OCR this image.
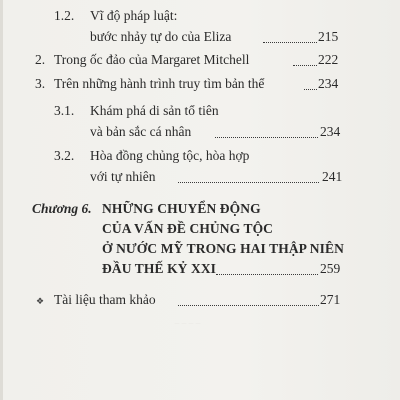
1.2. Vĩ độ pháp luật:
bước nhảy tự do của Eliza	215
2. Trong ốc đảo của Margaret Mitchell	222
3. Trên những hành trình truy tìm bản thể	234
3.1. Khám phá di sản tổ tiên
và bản sắc cá nhân	234
3.2. Hòa đồng chủng tộc, hòa hợp
với tự nhiên	241
Chương 6. NHỮNG CHUYỂN ĐỘNG
CỦA VẤN ĐỀ CHỦNG TỘC
Ở NƯỚC MỸ TRONG HAI THẬP NIÊN
ĐẦU THẾ KỶ XXI	259
❖ Tài liệu tham khảo	271
‾ ‾ ‾ ‾
